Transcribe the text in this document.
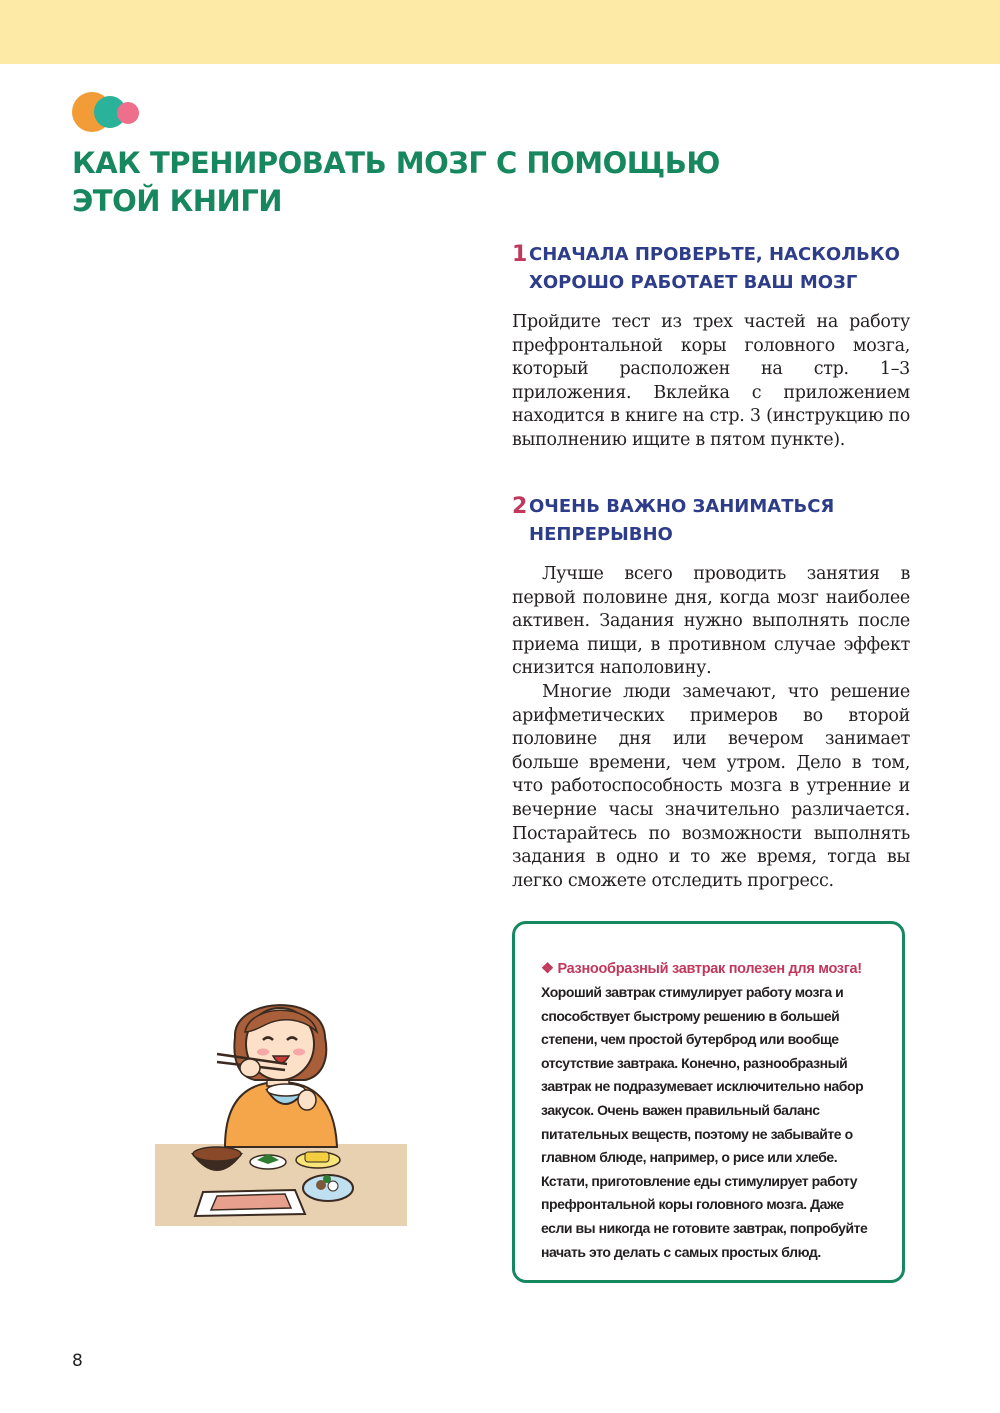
КАК ТРЕНИРОВАТЬ МОЗГ С ПОМОЩЬЮ
ЭТОЙ КНИГИ
1 СНАЧАЛА ПРОВЕРЬТЕ, НАСКОЛЬКО
ХОРОШО РАБОТАЕТ ВАШ МОЗГ

Пройдите тест из трех частей на работу префронтальной коры головного мозга, который расположен на стр. 1–3 приложения. Вклейка с приложением находится в книге на стр. 3 (инструкцию по выполнению ищите в пятом пункте).

2 ОЧЕНЬ ВАЖНО ЗАНИМАТЬСЯ
НЕПРЕРЫВНО

Лучше всего проводить занятия в первой половине дня, когда мозг наиболее активен. Задания нужно выполнять после приема пищи, в противном случае эффект снизится наполовину.

Многие люди замечают, что решение арифметических примеров во второй половине дня или вечером занимает больше времени, чем утром. Дело в том, что работоспособность мозга в утренние и вечерние часы значительно различается. Постарайтесь по возможности выполнять задания в одно и то же время, тогда вы легко сможете отследить прогресс.

❖ Разнообразный завтрак полезен для мозга!

Хороший завтрак стимулирует работу мозга и способствует быстрому решению в большей степени, чем простой бутерброд или вообще отсутствие завтрака. Конечно, разнообразный завтрак не подразумевает исключительно набор закусок. Очень важен правильный баланс питательных веществ, поэтому не забывайте о главном блюде, например, о рисе или хлебе. Кстати, приготовление еды стимулирует работу префронтальной коры головного мозга. Даже если вы никогда не готовите завтрак, попробуйте начать это делать с самых простых блюд.

8
